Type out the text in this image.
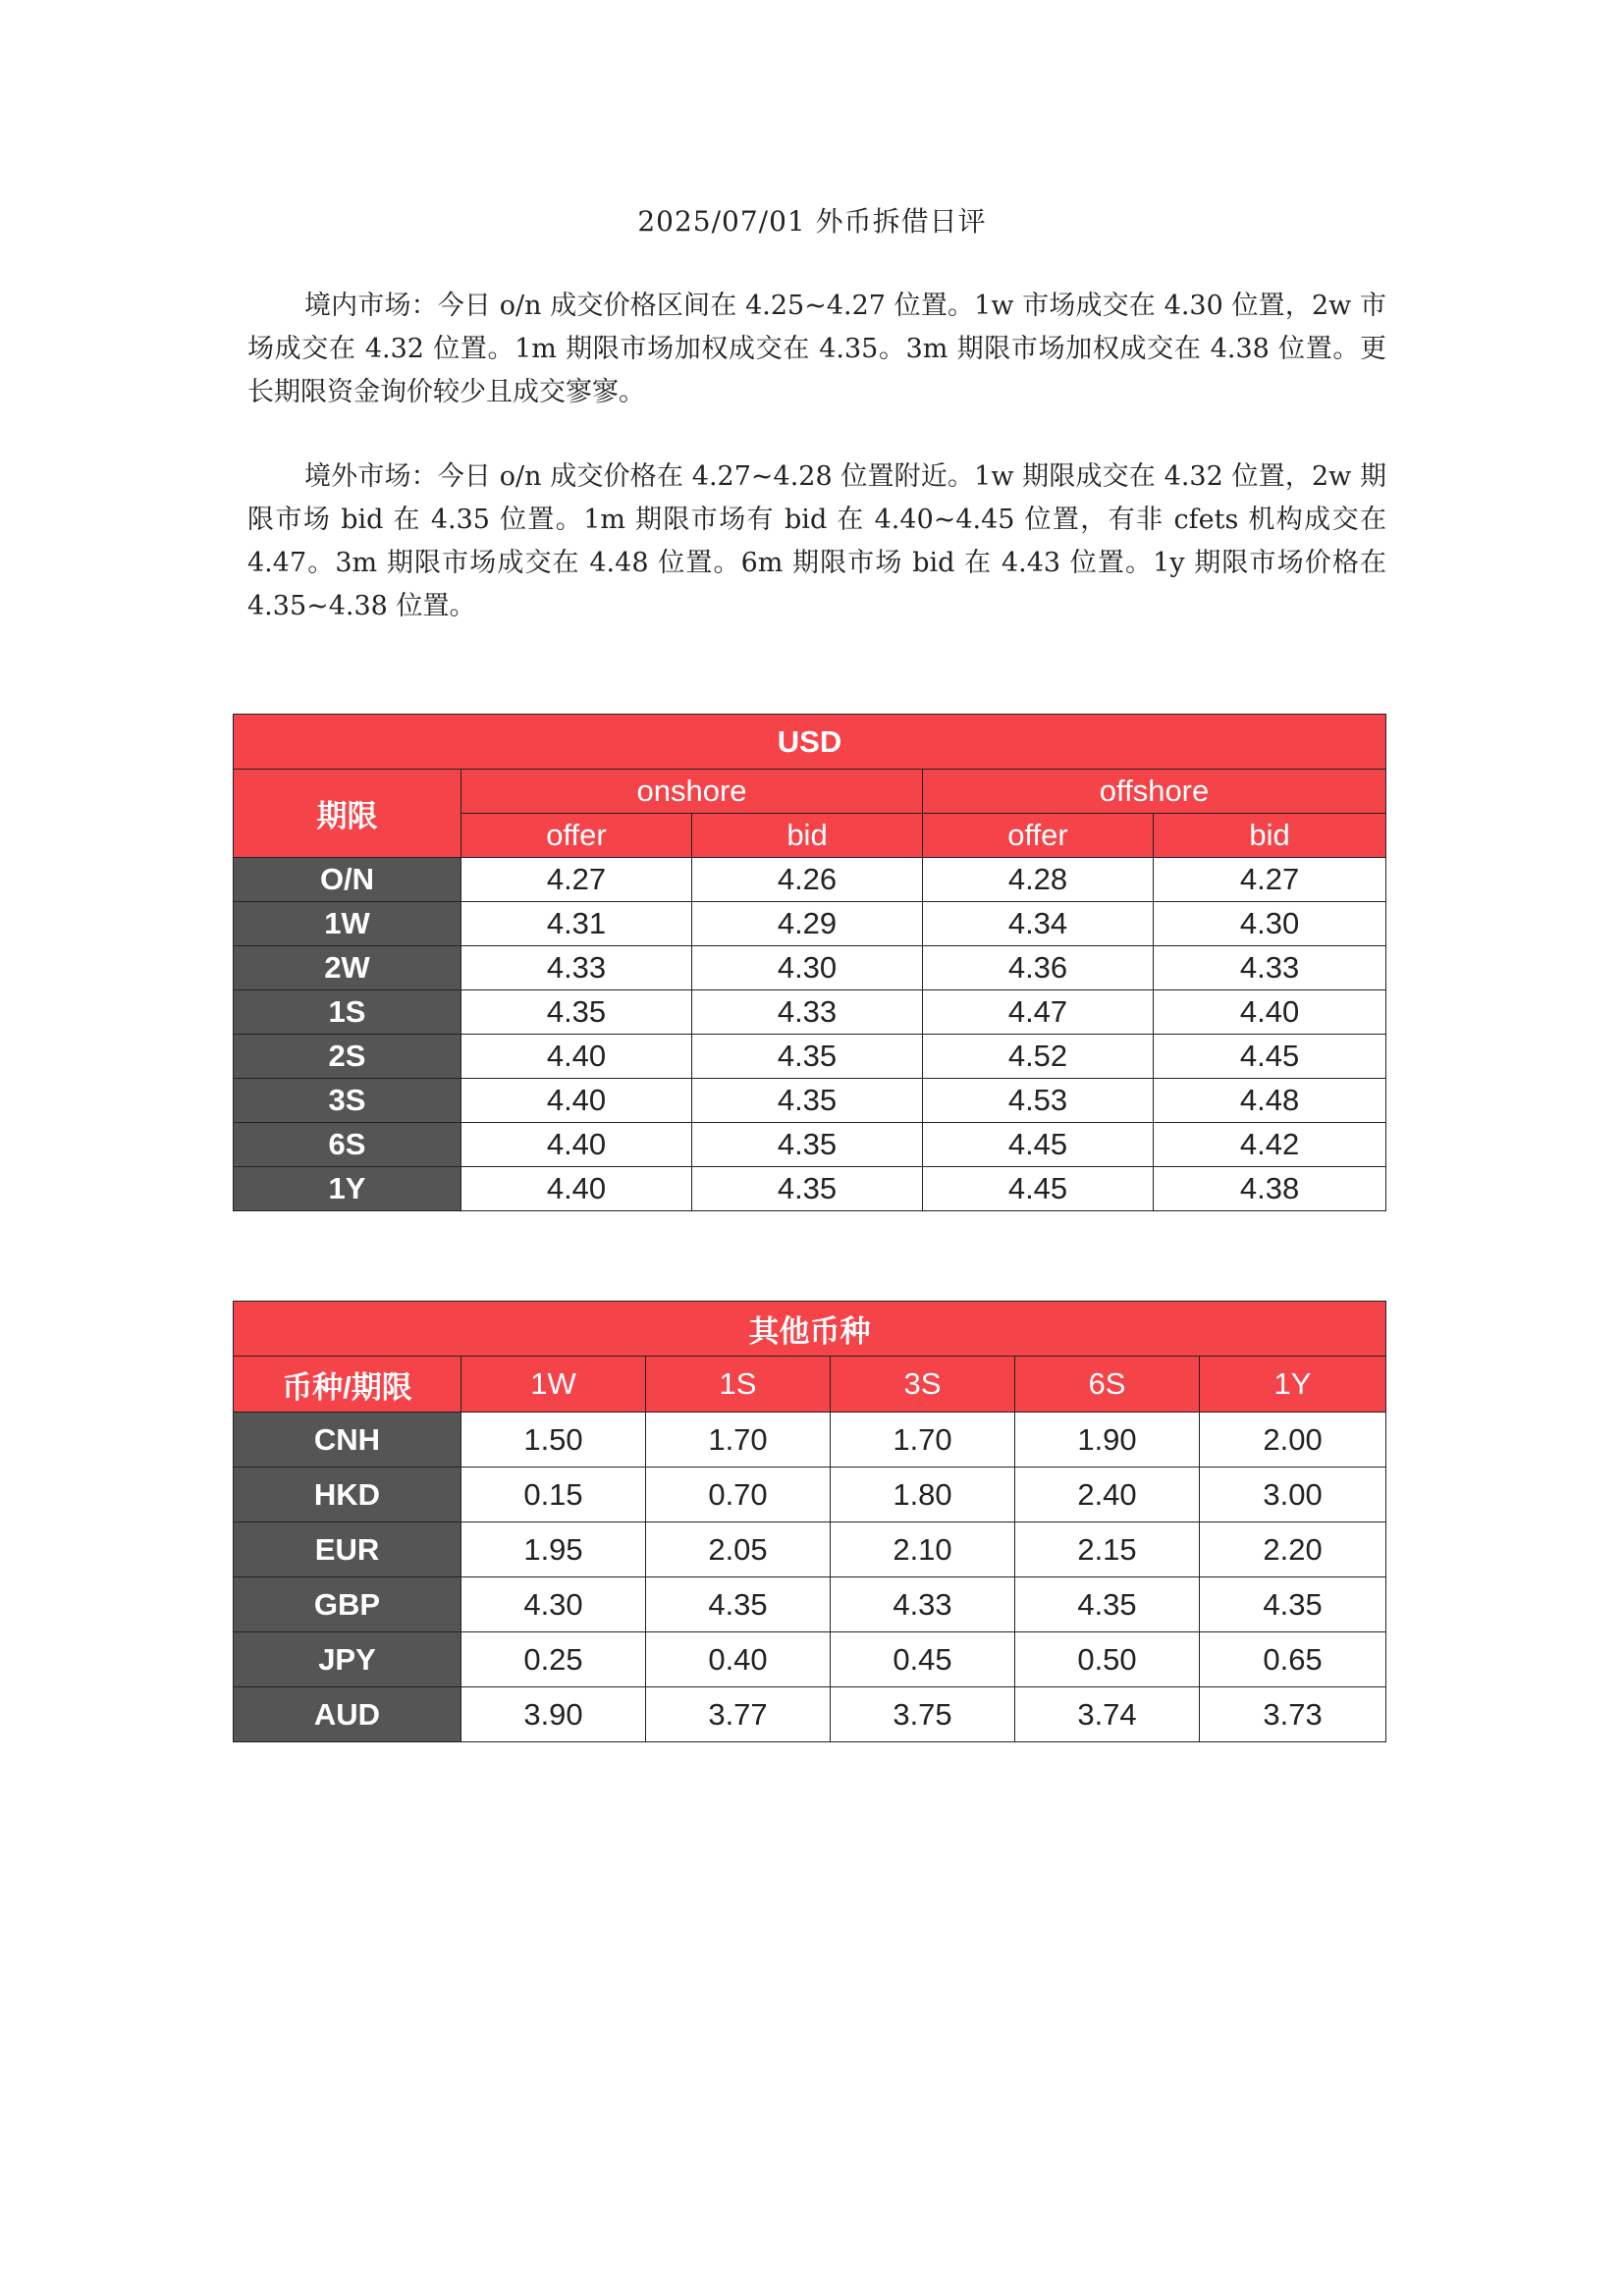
2025/07/01 外币拆借日评

境内市场：今日 o/n 成交价格区间在 4.25~4.27 位置。1w 市场成交在 4.30 位置，2w 市场成交在 4.32 位置。1m 期限市场加权成交在 4.35。3m 期限市场加权成交在 4.38 位置。更长期限资金询价较少且成交寥寥。

境外市场：今日 o/n 成交价格在 4.27~4.28 位置附近。1w 期限成交在 4.32 位置，2w 期限市场 bid 在 4.35 位置。1m 期限市场有 bid 在 4.40~4.45 位置，有非 cfets 机构成交在 4.47。3m 期限市场成交在 4.48 位置。6m 期限市场 bid 在 4.43 位置。1y 期限市场价格在 4.35~4.38 位置。

USD				
期限	onshore		offshore	
	offer	bid	offer	bid
O/N	4.27	4.26	4.28	4.27
1W	4.31	4.29	4.34	4.30
2W	4.33	4.30	4.36	4.33
1S	4.35	4.33	4.47	4.40
2S	4.40	4.35	4.52	4.45
3S	4.40	4.35	4.53	4.48
6S	4.40	4.35	4.45	4.42
1Y	4.40	4.35	4.45	4.38
其他币种					
币种/期限	1W	1S	3S	6S	1Y
CNH	1.50	1.70	1.70	1.90	2.00
HKD	0.15	0.70	1.80	2.40	3.00
EUR	1.95	2.05	2.10	2.15	2.20
GBP	4.30	4.35	4.33	4.35	4.35
JPY	0.25	0.40	0.45	0.50	0.65
AUD	3.90	3.77	3.75	3.74	3.73
